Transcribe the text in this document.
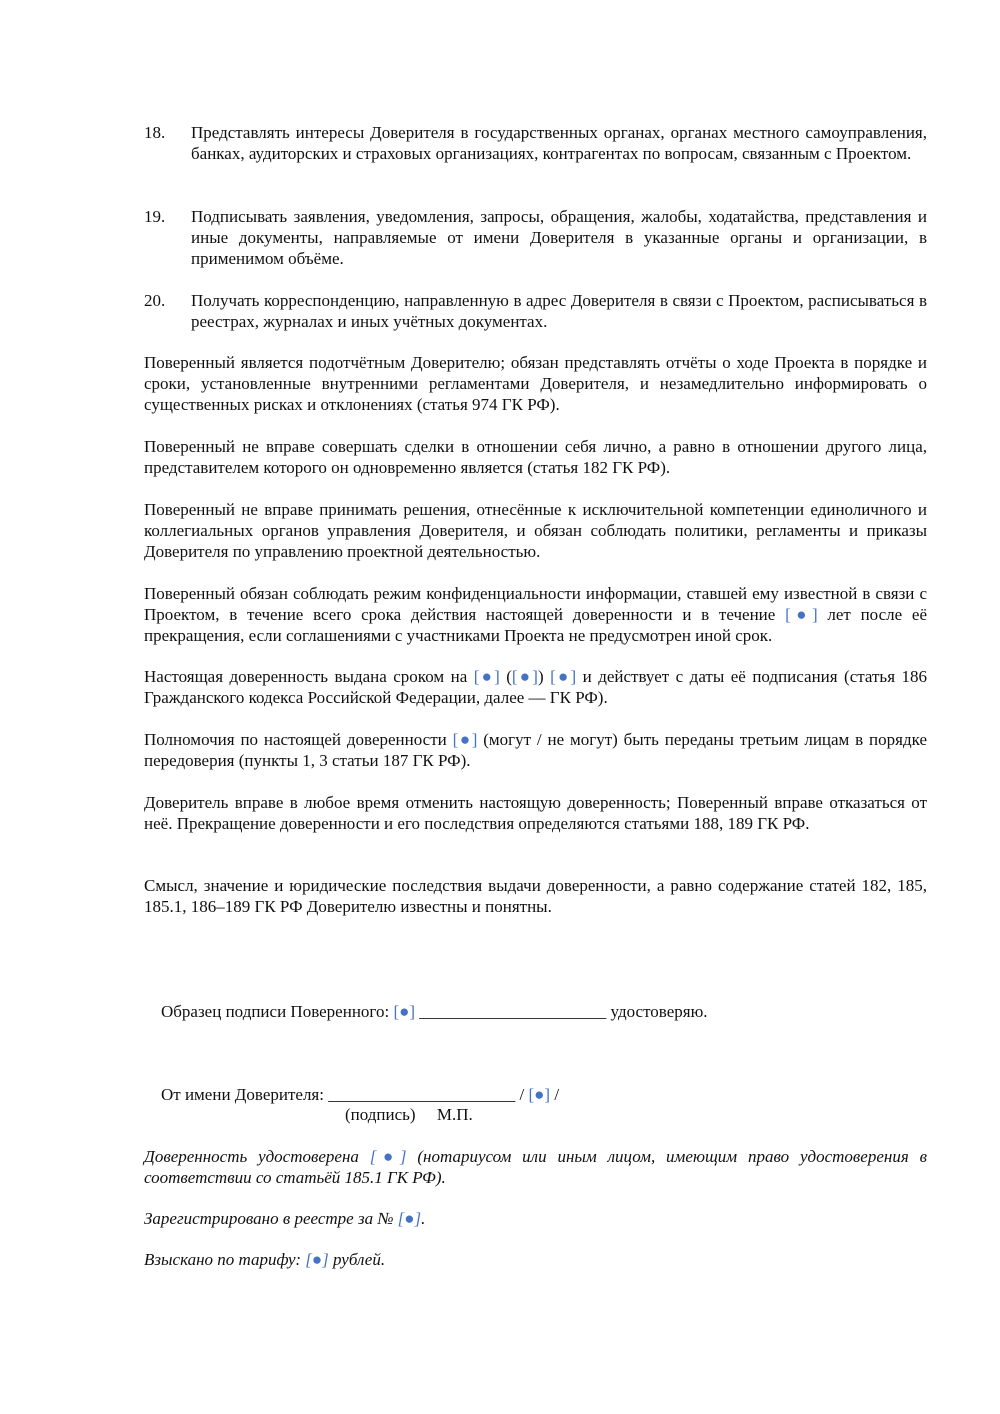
18.	Представлять интересы Доверителя в государственных органах, органах местного самоуправления, банках, аудиторских и страховых организациях, контрагентах по вопросам, связанным с Проектом.
19.	Подписывать заявления, уведомления, запросы, обращения, жалобы, ходатайства, представления и иные документы, направляемые от имени Доверителя в указанные органы и организации, в применимом объёме.
20.	Получать корреспонденцию, направленную в адрес Доверителя в связи с Проектом, расписываться в реестрах, журналах и иных учётных документах.
Поверенный является подотчётным Доверителю; обязан представлять отчёты о ходе Проекта в порядке и сроки, установленные внутренними регламентами Доверителя, и незамедлительно информировать о существенных рисках и отклонениях (статья 974 ГК РФ).
Поверенный не вправе совершать сделки в отношении себя лично, а равно в отношении другого лица, представителем которого он одновременно является (статья 182 ГК РФ).
Поверенный не вправе принимать решения, отнесённые к исключительной компетенции единоличного и коллегиальных органов управления Доверителя, и обязан соблюдать политики, регламенты и приказы Доверителя по управлению проектной деятельностью.
Поверенный обязан соблюдать режим конфиденциальности информации, ставшей ему известной в связи с Проектом, в течение всего срока действия настоящей доверенности и в течение [●] лет после её прекращения, если соглашениями с участниками Проекта не предусмотрен иной срок.
Настоящая доверенность выдана сроком на [●] ([●]) [●] и действует с даты её подписания (статья 186 Гражданского кодекса Российской Федерации, далее — ГК РФ).
Полномочия по настоящей доверенности [●] (могут / не могут) быть переданы третьим лицам в порядке передоверия (пункты 1, 3 статьи 187 ГК РФ).
Доверитель вправе в любое время отменить настоящую доверенность; Поверенный вправе отказаться от неё. Прекращение доверенности и его последствия определяются статьями 188, 189 ГК РФ.
Смысл, значение и юридические последствия выдачи доверенности, а равно содержание статей 182, 185, 185.1, 186–189 ГК РФ Доверителю известны и понятны.

Образец подписи Поверенного: [●] ______________________ удостоверяю.

От имени Доверителя: ______________________ / [●] /

(подпись)     М.П.
Доверенность удостоверена [●] (нотариусом или иным лицом, имеющим право удостоверения в соответствии со статьёй 185.1 ГК РФ).
Зарегистрировано в реестре за № [●].
Взыскано по тарифу: [●] рублей.
